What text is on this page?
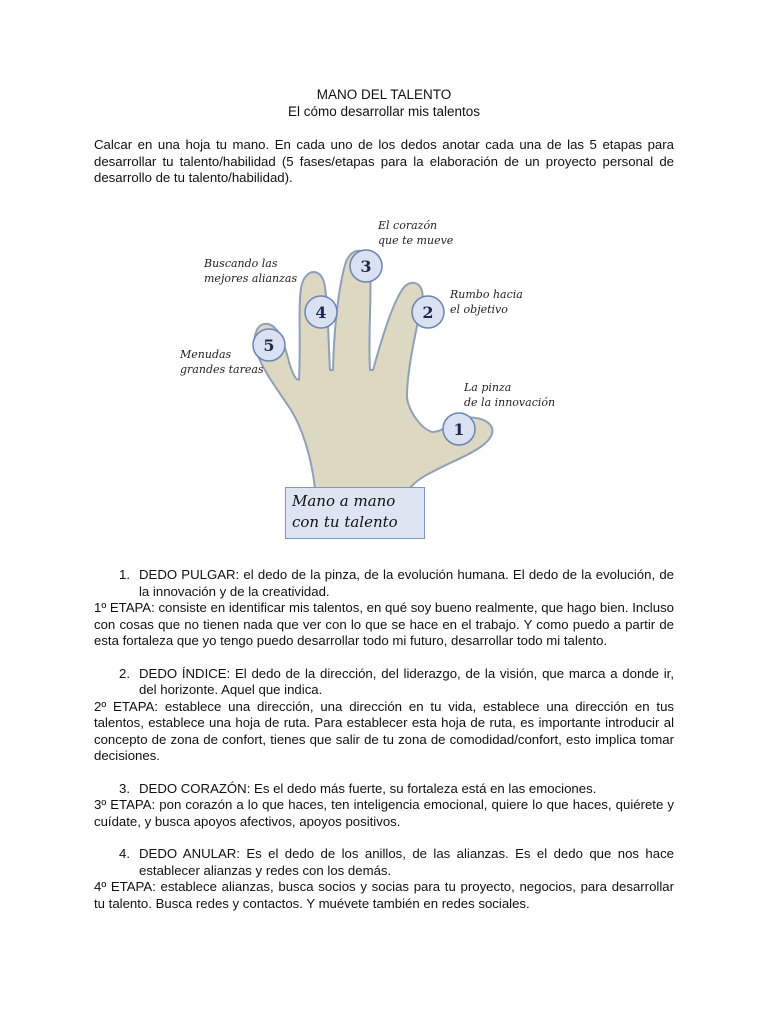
MANO DEL TALENTO
El cómo desarrollar mis talentos
Calcar en una hoja tu mano. En cada uno de los dedos anotar cada una de las 5 etapas para desarrollar tu talento/habilidad (5 fases/etapas para la elaboración de un proyecto personal de desarrollo de tu talento/habilidad).
1
2
3
4
5
La pinza
de la innovación
Rumbo hacia
el objetivo
El corazón
que te mueve
Buscando las
mejores alianzas
Menudas
grandes tareas
Mano a mano
con tu talento
1. DEDO PULGAR: el dedo de la pinza, de la evolución humana. El dedo de la evolución, de la innovación y de la creatividad.
1º ETAPA: consiste en identificar mis talentos, en qué soy bueno realmente, que hago bien. Incluso con cosas que no tienen nada que ver con lo que se hace en el trabajo. Y como puedo a partir de esta fortaleza que yo tengo puedo desarrollar todo mi futuro, desarrollar todo mi talento.
2. DEDO ÍNDICE: El dedo de la dirección, del liderazgo, de la visión, que marca a donde ir, del horizonte. Aquel que indica.
2º ETAPA: establece una dirección, una dirección en tu vida, establece una dirección en tus talentos, establece una hoja de ruta. Para establecer esta hoja de ruta, es importante introducir al concepto de zona de confort, tienes que salir de tu zona de comodidad/confort, esto implica tomar decisiones.
3. DEDO CORAZÓN: Es el dedo más fuerte, su fortaleza está en las emociones.
3º ETAPA: pon corazón a lo que haces, ten inteligencia emocional, quiere lo que haces, quiérete y cuídate, y busca apoyos afectivos, apoyos positivos.
4. DEDO ANULAR: Es el dedo de los anillos, de las alianzas. Es el dedo que nos hace establecer alianzas y redes con los demás.
4º ETAPA: establece alianzas, busca socios y socias para tu proyecto, negocios, para desarrollar tu talento. Busca redes y contactos. Y muévete también en redes sociales.
